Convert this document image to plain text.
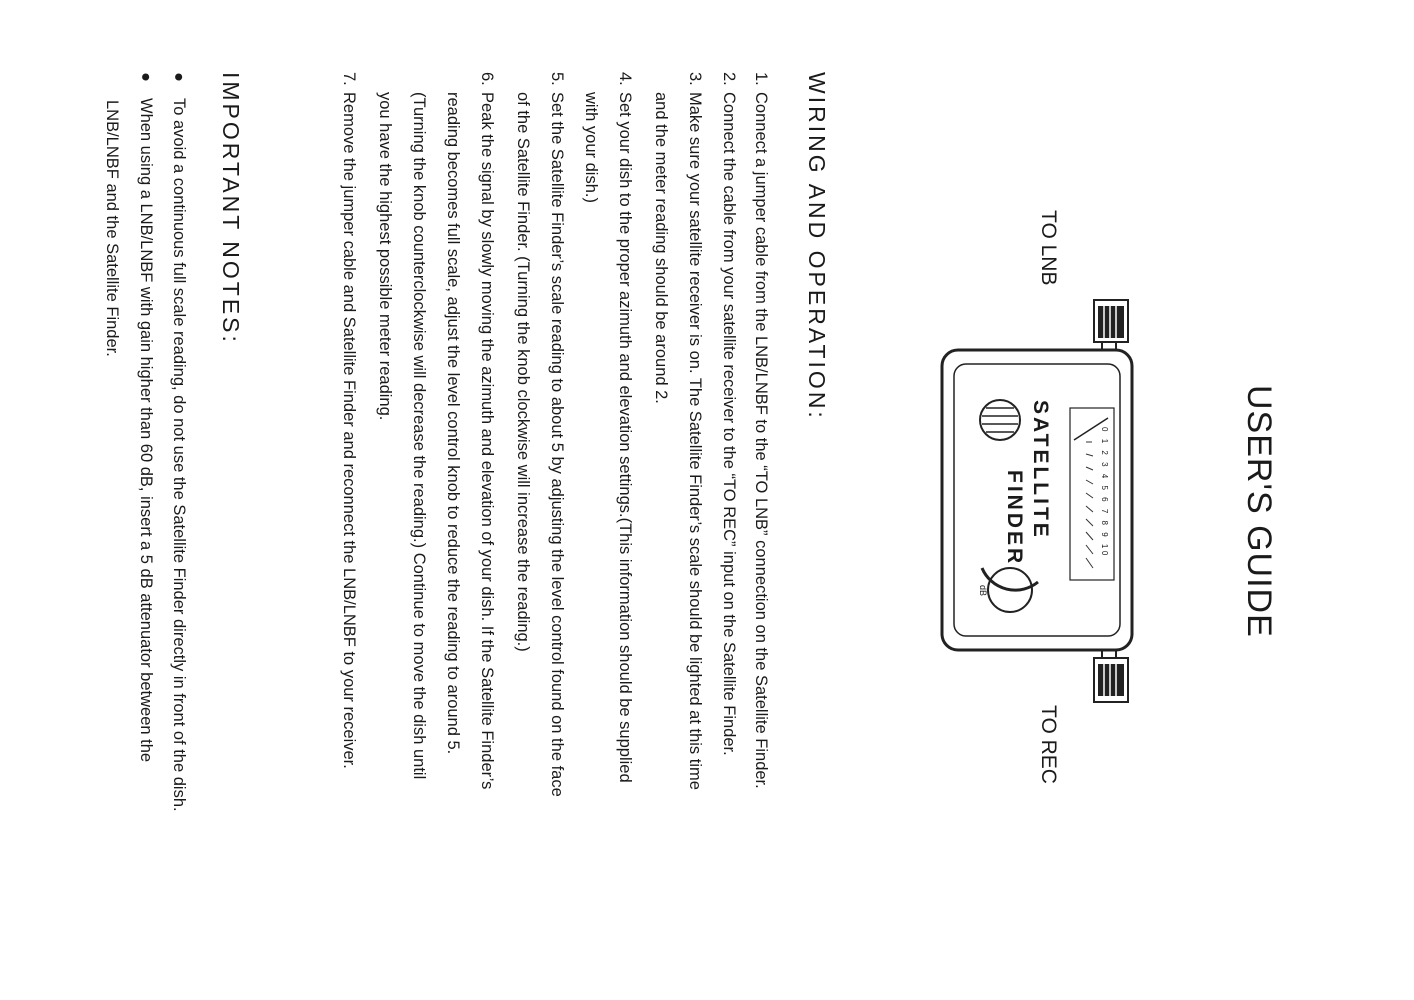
USER'S GUIDE
TO LNB
TO REC
0 1 2 3 4 5 6 7 8 9 10
SATELLITE
FINDER
dB
WIRING AND OPERATION:
1.
Connect a jumper cable from the LNB/LNBF to the “TO LNB” connection on the Satellite Finder.
2.
Connect the cable from your satellite receiver to the “TO REC” input on the Satellite Finder.
3.
Make sure your satellite receiver is on. The Satellite Finder’s scale should be lighted at this time
and the meter reading should be around 2.
4.
Set your dish to the proper azimuth and elevation settings.(This information should be supplied
with your dish.)
5.
Set the Satellite Finder’s scale reading to about 5 by adjusting the level control found on the face
of the Satellite Finder. (Turning the knob clockwise will increase the reading.)
6.
Peak the signal by slowly moving the azimuth and elevation of your dish. If the Satellite Finder’s
reading becomes full scale, adjust the level control knob to reduce the reading to around 5.
(Turning the knob counterclockwise will decrease the reading.) Continue to move the dish until
you have the highest possible meter reading.
7.
Remove the jumper cable and Satellite Finder and reconnect the LNB/LNBF to your receiver.
IMPORTANT NOTES:
●
To avoid a continuous full scale reading, do not use the Satellite Finder directly in front of the dish.
●
When using a LNB/LNBF with gain higher than 60 dB, insert a 5 dB attenuator between the
LNB/LNBF and the Satellite Finder.
